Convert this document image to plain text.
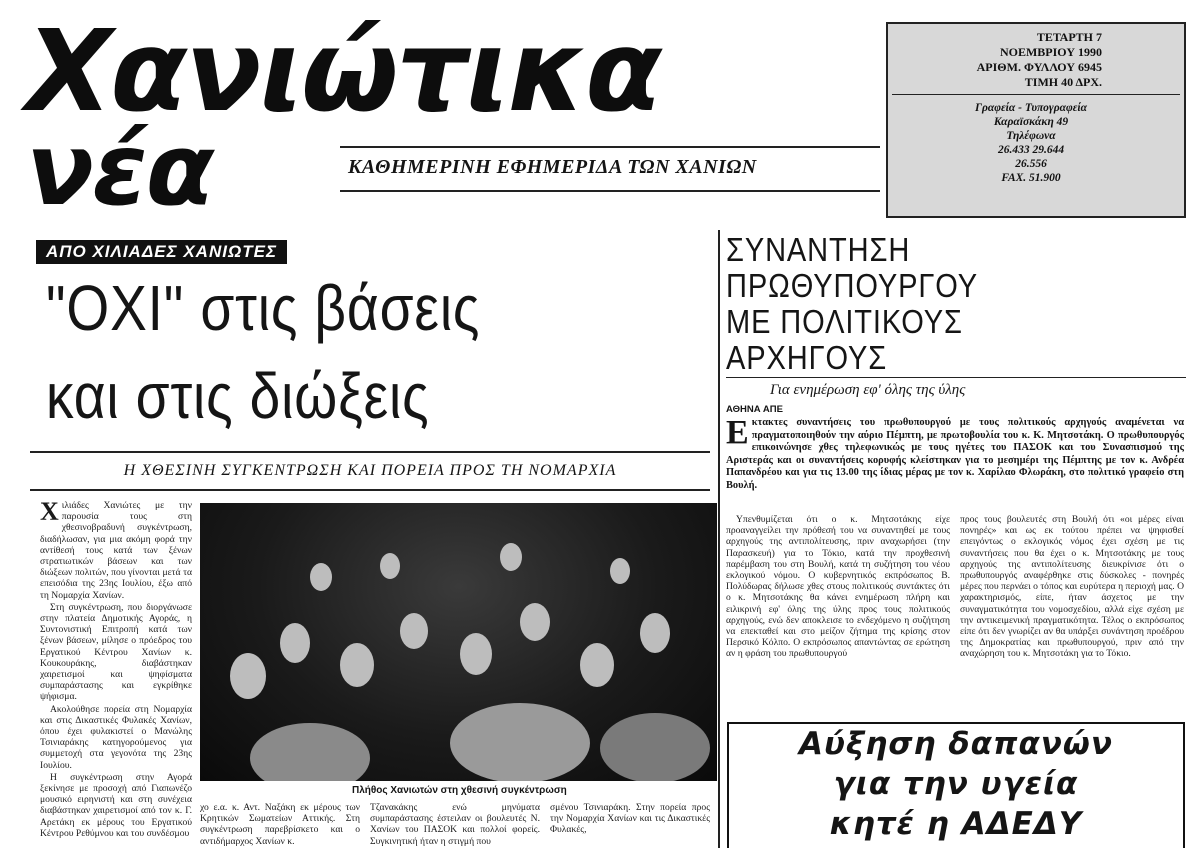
Χανιώτικα
νέα	ΚΑΘΗΜΕΡΙΝΗ ΕΦΗΜΕΡΙΔΑ ΤΩΝ ΧΑΝΙΩΝ
ΤΕΤΑΡΤΗ 7
ΝΟΕΜΒΡΙΟΥ 1990
ΑΡΙΘΜ. ΦΥΛΛΟΥ 6945
ΤΙΜΗ 40 ΔΡΧ.
Γραφεία - Τυπογραφεία
Καραϊσκάκη 49
Τηλέφωνα
26.433 29.644
26.556
FAX. 51.900
ΑΠΟ ΧΙΛΙΑΔΕΣ ΧΑΝΙΩΤΕΣ
"ΟΧΙ" στις βάσεις
και στις διώξεις
Η ΧΘΕΣΙΝΗ ΣΥΓΚΕΝΤΡΩΣΗ ΚΑΙ ΠΟΡΕΙΑ ΠΡΟΣ ΤΗ ΝΟΜΑΡΧΙΑ

Χιλιάδες Χανιώτες με την παρουσία τους στη χθεσινοβραδυνή συγκέντρωση, διαδήλωσαν, για μια ακόμη φορά την αντίθεσή τους κατά των ξένων στρατιωτικών βάσεων και των διώξεων πολιτών, που γίνονται μετά τα επεισόδια της 23ης Ιουλίου, έξω από τη Νομαρχία Χανίων.

Στη συγκέντρωση, που διοργάνωσε στην πλατεία Δημοτικής Αγοράς, η Συντονιστική Επιτροπή κατά των ξένων βάσεων, μίλησε ο πρόεδρος του Εργατικού Κέντρου Χανίων κ. Κουκουράκης, διαβάστηκαν χαιρετισμοί και ψηφίσματα συμπαράστασης και εγκρίθηκε ψήφισμα.

Ακολούθησε πορεία στη Νομαρχία και στις Δικαστικές Φυλακές Χανίων, όπου έχει φυλακιστεί ο Μανώλης Τσινιαράκης κατηγορούμενος για συμμετοχή στα γεγονότα της 23ης Ιουλίου.

Η συγκέντρωση στην Αγορά ξεκίνησε με προσοχή από Γιαπωνέζο μουσικό ειρηνιστή και στη συνέχεια διαβάστηκαν χαιρετισμοί από τον κ. Γ. Αρετάκη εκ μέρους του Εργατικού Κέντρου Ρεθύμνου και του συνδέσμου

Πλήθος Χανιωτών στη χθεσινή συγκέντρωση

χο ε.α. κ. Αντ. Ναξάκη εκ μέρους των Κρητικών Σωματείων Αττικής. Στη συγκέντρωση παρεβρίσκετο και ο αντιδήμαρχος Χανίων κ.

Τζανακάκης ενώ μηνύματα συμπαράστασης έστειλαν οι βουλευτές Ν. Χανίων του ΠΑΣΟΚ και πολλοί φορείς. Συγκινητική ήταν η στιγμή που

σμένου Τσινιαράκη. Στην πορεία προς την Νομαρχία Χανίων και τις Δικαστικές Φυλακές,

ΣΥΝΑΝΤΗΣΗ
ΠΡΩΘΥΠΟΥΡΓΟΥ
ΜΕ ΠΟΛΙΤΙΚΟΥΣ
ΑΡΧΗΓΟΥΣ
Για ενημέρωση εφ' όλης της ύλης
ΑΘΗΝΑ ΑΠΕ
Εκτακτες συναντήσεις του πρωθυπουργού με τους πολιτικούς αρχηγούς αναμένεται να πραγματοποιηθούν την αύριο Πέμπτη, με πρωτοβουλία του κ. Κ. Μητσοτάκη. Ο πρωθυπουργός επικοινώνησε χθες τηλεφωνικώς με τους ηγέτες του ΠΑΣΟΚ και του Συνασπισμού της Αριστεράς και οι συναντήσεις κορυφής κλείστηκαν για το μεσημέρι της Πέμπτης με τον κ. Ανδρέα Παπανδρέου και για τις 13.00 της ίδιας μέρας με τον κ. Χαρίλαο Φλωράκη, στο πολιτικό γραφείο στη Βουλή.

Υπενθυμίζεται ότι ο κ. Μητσοτάκης είχε προαναγγείλει την πρόθεσή του να συναντηθεί με τους αρχηγούς της αντιπολίτευσης, πριν αναχωρήσει (την Παρασκευή) για το Τόκιο, κατά την προχθεσινή παρέμβαση του στη Βουλή, κατά τη συζήτηση του νέου εκλογικού νόμου. Ο κυβερνητικός εκπρόσωπος Β. Πολύδωρας δήλωσε χθες στους πολιτικούς συντάκτες ότι ο κ. Μητσοτάκης θα κάνει ενημέρωση πλήρη και ειλικρινή εφ' όλης της ύλης προς τους πολιτικούς αρχηγούς, ενώ δεν αποκλεισε το ενδεχόμενο η συζήτηση να επεκταθεί και στο μείζον ζήτημα της κρίσης στον Περσικό Κόλπο. Ο εκπρόσωπος απαντώντας σε ερώτηση αν η φράση του πρωθυπουργού

προς τους βουλευτές στη Βουλή ότι «οι μέρες είναι πονηρές» και ως εκ τούτου πρέπει να ψηφισθεί επειγόντως ο εκλογικός νόμος έχει σχέση με τις συναντήσεις που θα έχει ο κ. Μητσοτάκης με τους αρχηγούς της αντιπολίτευσης διευκρίνισε ότι ο πρωθυπουργός αναφέρθηκε στις δύσκολες - πονηρές μέρες που περνάει ο τόπος και ευρύτερα η περιοχή μας. Ο χαρακτηρισμός, είπε, ήταν άσχετος με την συναγματικότητα του νομοσχεδίου, αλλά είχε σχέση με την αντικειμενική πραγματικότητα. Τέλος ο εκπρόσωπος είπε ότι δεν γνωρίζει αν θα υπάρξει συνάντηση προέδρου της Δημοκρατίας και πρωθυπουργού, πριν από την αναχώρηση του κ. Μητσοτάκη για το Τόκιο.

Αύξηση δαπανών
για την υγεία
κητέ η ΑΔΕΔΥ
